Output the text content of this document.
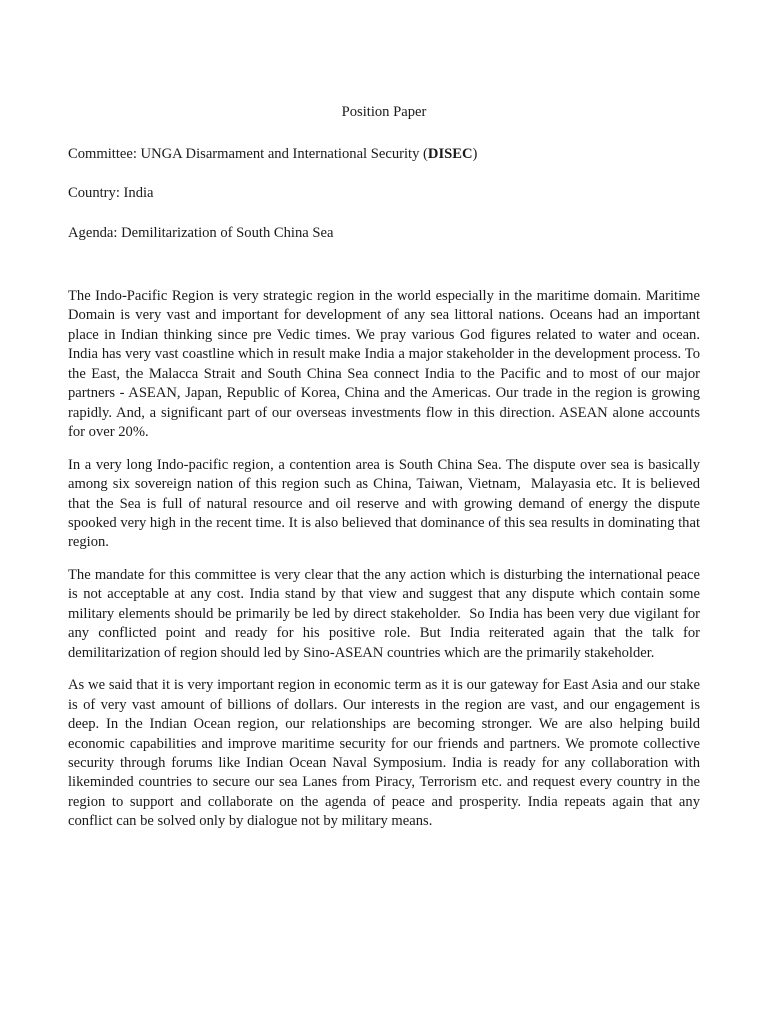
Position Paper
Committee: UNGA Disarmament and International Security (DISEC)
Country: India
Agenda: Demilitarization of South China Sea

The Indo-Pacific Region is very strategic region in the world especially in the maritime domain. Maritime Domain is very vast and important for development of any sea littoral nations. Oceans had an important place in Indian thinking since pre Vedic times. We pray various God figures related to water and ocean. India has very vast coastline which in result make India a major stakeholder in the development process. To the East, the Malacca Strait and South China Sea connect India to the Pacific and to most of our major partners - ASEAN, Japan, Republic of Korea, China and the Americas. Our trade in the region is growing rapidly. And, a significant part of our overseas investments flow in this direction. ASEAN alone accounts for over 20%.

In a very long Indo-pacific region, a contention area is South China Sea. The dispute over sea is basically among six sovereign nation of this region such as China, Taiwan, Vietnam,  Malayasia etc. It is believed that the Sea is full of natural resource and oil reserve and with growing demand of energy the dispute spooked very high in the recent time. It is also believed that dominance of this sea results in dominating that region.

The mandate for this committee is very clear that the any action which is disturbing the international peace is not acceptable at any cost. India stand by that view and suggest that any dispute which contain some military elements should be primarily be led by direct stakeholder.  So India has been very due vigilant for any conflicted point and ready for his positive role. But India reiterated again that the talk for demilitarization of region should led by Sino-ASEAN countries which are the primarily stakeholder.

As we said that it is very important region in economic term as it is our gateway for East Asia and our stake is of very vast amount of billions of dollars. Our interests in the region are vast, and our engagement is deep. In the Indian Ocean region, our relationships are becoming stronger. We are also helping build economic capabilities and improve maritime security for our friends and partners. We promote collective security through forums like Indian Ocean Naval Symposium. India is ready for any collaboration with likeminded countries to secure our sea Lanes from Piracy, Terrorism etc. and request every country in the region to support and collaborate on the agenda of peace and prosperity. India repeats again that any conflict can be solved only by dialogue not by military means.
